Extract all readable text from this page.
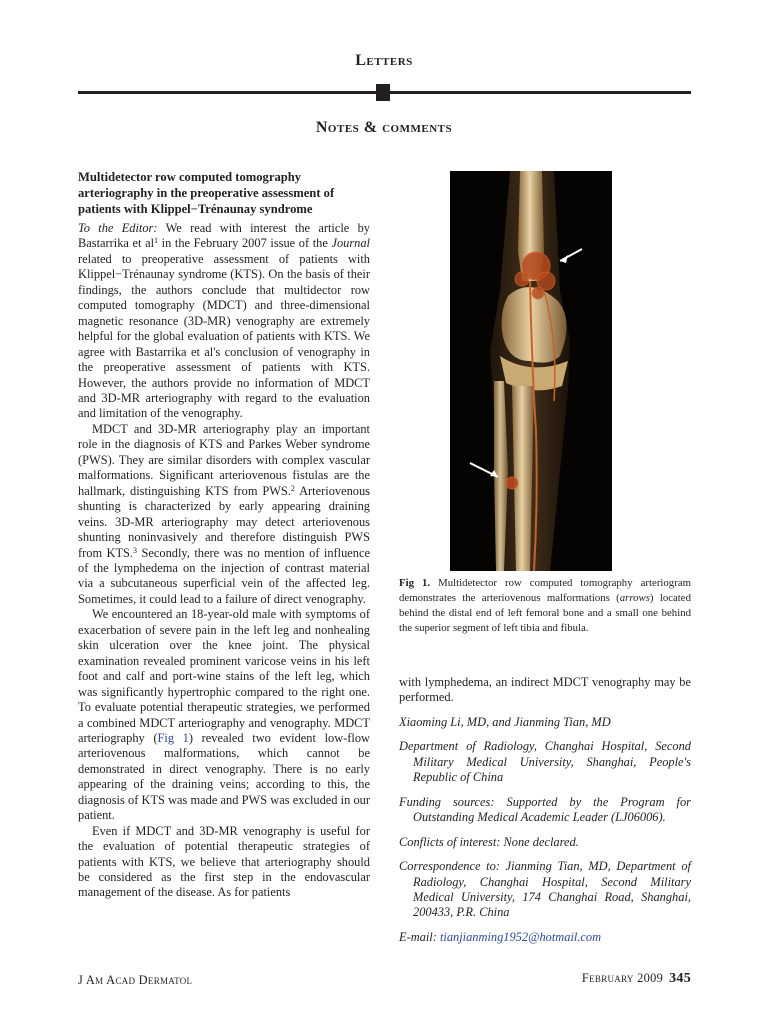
Letters
Notes & comments
Multidetector row computed tomography arteriography in the preoperative assessment of patients with Klippel−Trénaunay syndrome

To the Editor: We read with interest the article by Bastarrika et $al^1$ in the February 2007 issue of the Journal related to preoperative assessment of patients with Klippel−Trénaunay syndrome (KTS). On the basis of their findings, the authors conclude that multidector row computed tomography (MDCT) and three-dimensional magnetic resonance (3D-MR) venography are extremely helpful for the global evaluation of patients with KTS. We agree with Bastarrika et al's conclusion of venography in the preoperative assessment of patients with KTS. However, the authors provide no information of MDCT and 3D-MR arteriography with regard to the evaluation and limitation of the venography.

MDCT and 3D-MR arteriography play an important role in the diagnosis of KTS and Parkes Weber syndrome (PWS). They are similar disorders with complex vascular malformations. Significant arteriovenous fistulas are the hallmark, distinguishing KTS from PWS.$^2$ Arteriovenous shunting is characterized by early appearing draining veins. 3D-MR arteriography may detect arteriovenous shunting noninvasively and therefore distinguish PWS from KTS.$^3$ Secondly, there was no mention of influence of the lymphedema on the injection of contrast material via a subcutaneous superficial vein of the affected leg. Sometimes, it could lead to a failure of direct venography.

We encountered an 18-year-old male with symptoms of exacerbation of severe pain in the left leg and nonhealing skin ulceration over the knee joint. The physical examination revealed prominent varicose veins in his left foot and calf and port-wine stains of the left leg, which was significantly hypertrophic compared to the right one. To evaluate potential therapeutic strategies, we performed a combined MDCT arteriography and venography. MDCT arteriography (Fig 1) revealed two evident low-flow arteriovenous malformations, which cannot be demonstrated in direct venography. There is no early appearing of the draining veins; according to this, the diagnosis of KTS was made and PWS was excluded in our patient.

Even if MDCT and 3D-MR venography is useful for the evaluation of potential therapeutic strategies of patients with KTS, we believe that arteriography should be considered as the first step in the endovascular management of the disease. As for patients

Fig 1. Multidetector row computed tomography arteriogram demonstrates the arteriovenous malformations (arrows) located behind the distal end of left femoral bone and a small one behind the superior segment of left tibia and fibula.

with lymphedema, an indirect MDCT venography may be performed.

Xiaoming Li, MD, and Jianming Tian, MD

Department of Radiology, Changhai Hospital, Second Military Medical University, Shanghai, People's Republic of China

Funding sources: Supported by the Program for Outstanding Medical Academic Leader (LJ06006).

Conflicts of interest: None declared.

Correspondence to: Jianming Tian, MD, Department of Radiology, Changhai Hospital, Second Military Medical University, 174 Changhai Road, Shanghai, 200433, P.R. China

E-mail: tianjianming1952@hotmail.com

J Am Acad Dermatol	February 2009 345
